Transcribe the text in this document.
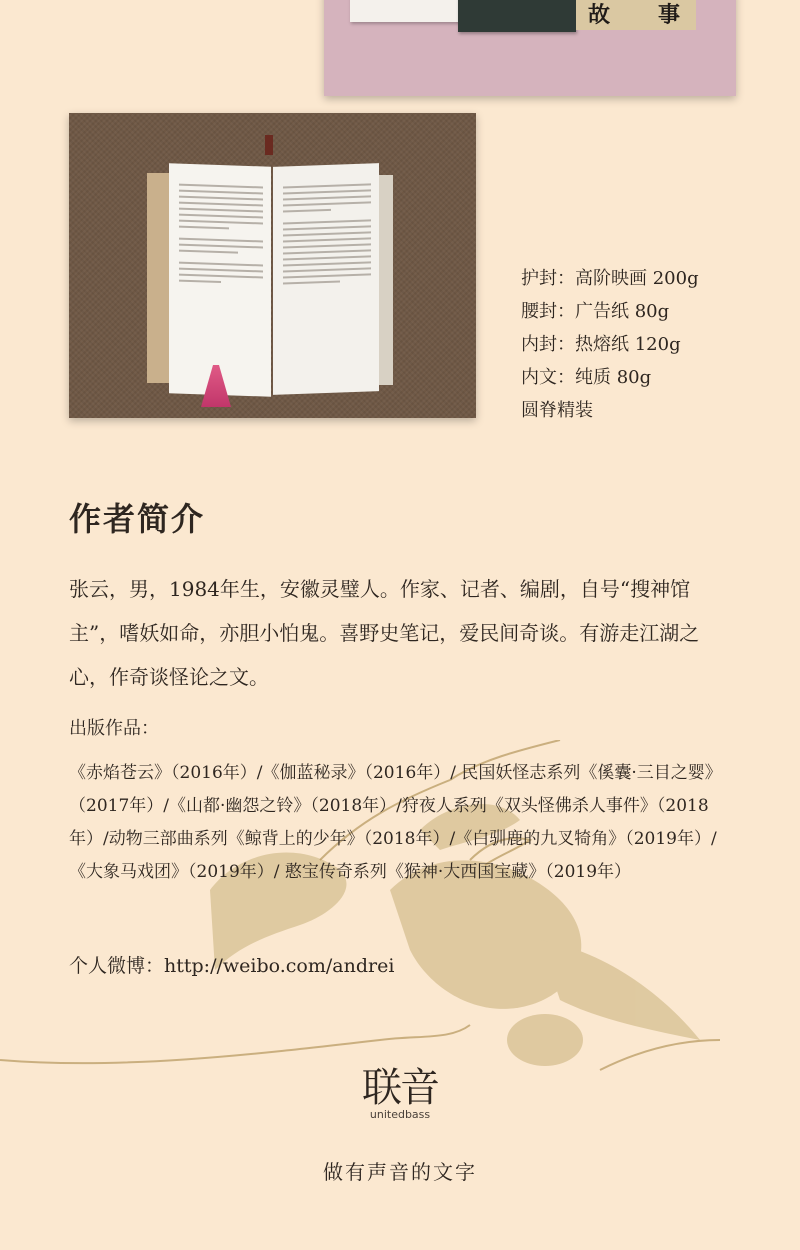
故 事
护封：高阶映画 200g
腰封：广告纸 80g
内封：热熔纸 120g
内文：纯质 80g
圆脊精装
作者简介
张云，男，1984年生，安徽灵璧人。作家、记者、编剧，自号“搜神馆主”，嗜妖如命，亦胆小怕鬼。喜野史笔记，爱民间奇谈。有游走江湖之心，作奇谈怪论之文。
出版作品：
《赤焰苍云》（2016年）/《伽蓝秘录》（2016年）/ 民国妖怪志系列《傒囊·三目之婴》（2017年）/《山都·幽怨之铃》（2018年）/狩夜人系列《双头怪佛杀人事件》（2018年）/动物三部曲系列《鲸背上的少年》（2018年）/《白驯鹿的九叉犄角》（2019年）/《大象马戏团》（2019年）/ 憨宝传奇系列《猴神·大西国宝藏》（2019年）
个人微博：http://weibo.com/andrei
联音
unitedbass
做有声音的文字
